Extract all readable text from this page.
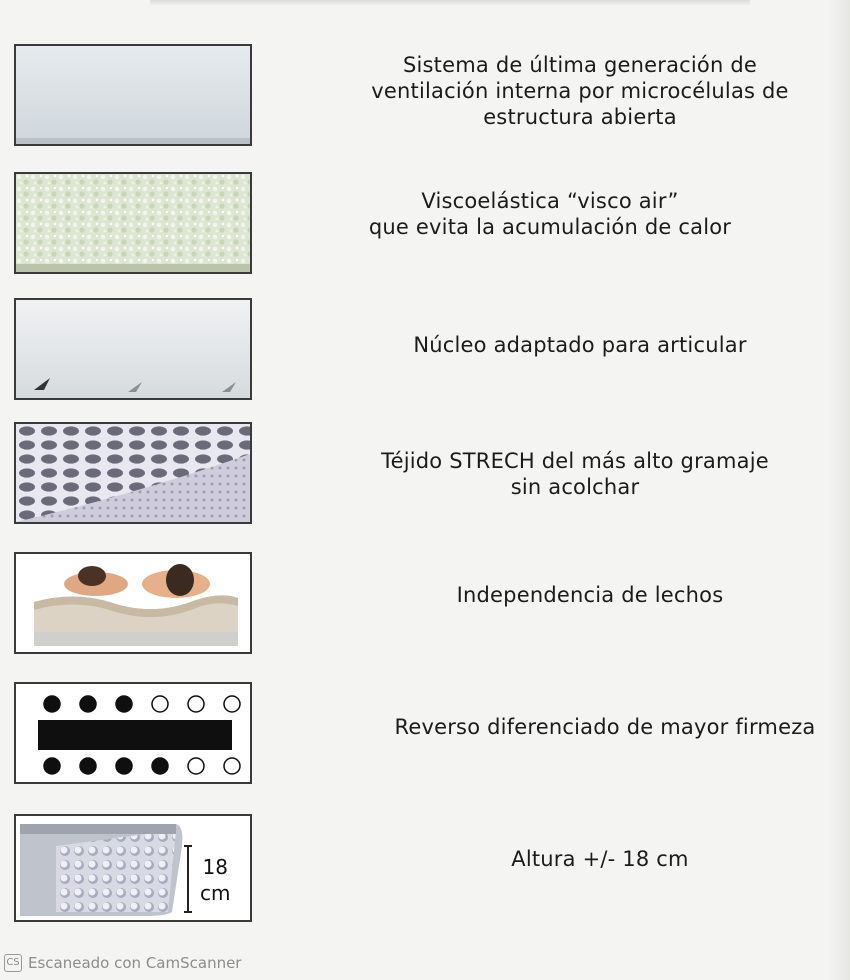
Sistema de última generación de
ventilación interna por microcélulas de
estructura abierta
Viscoelástica “visco air”
que evita la acumulación de calor
Núcleo adaptado para articular
Téjido STRECH del más alto gramaje
sin acolchar
Independencia de lechos
Reverso diferenciado de mayor firmeza
18
cm
Altura +/- 18 cm
CS Escaneado con CamScanner
